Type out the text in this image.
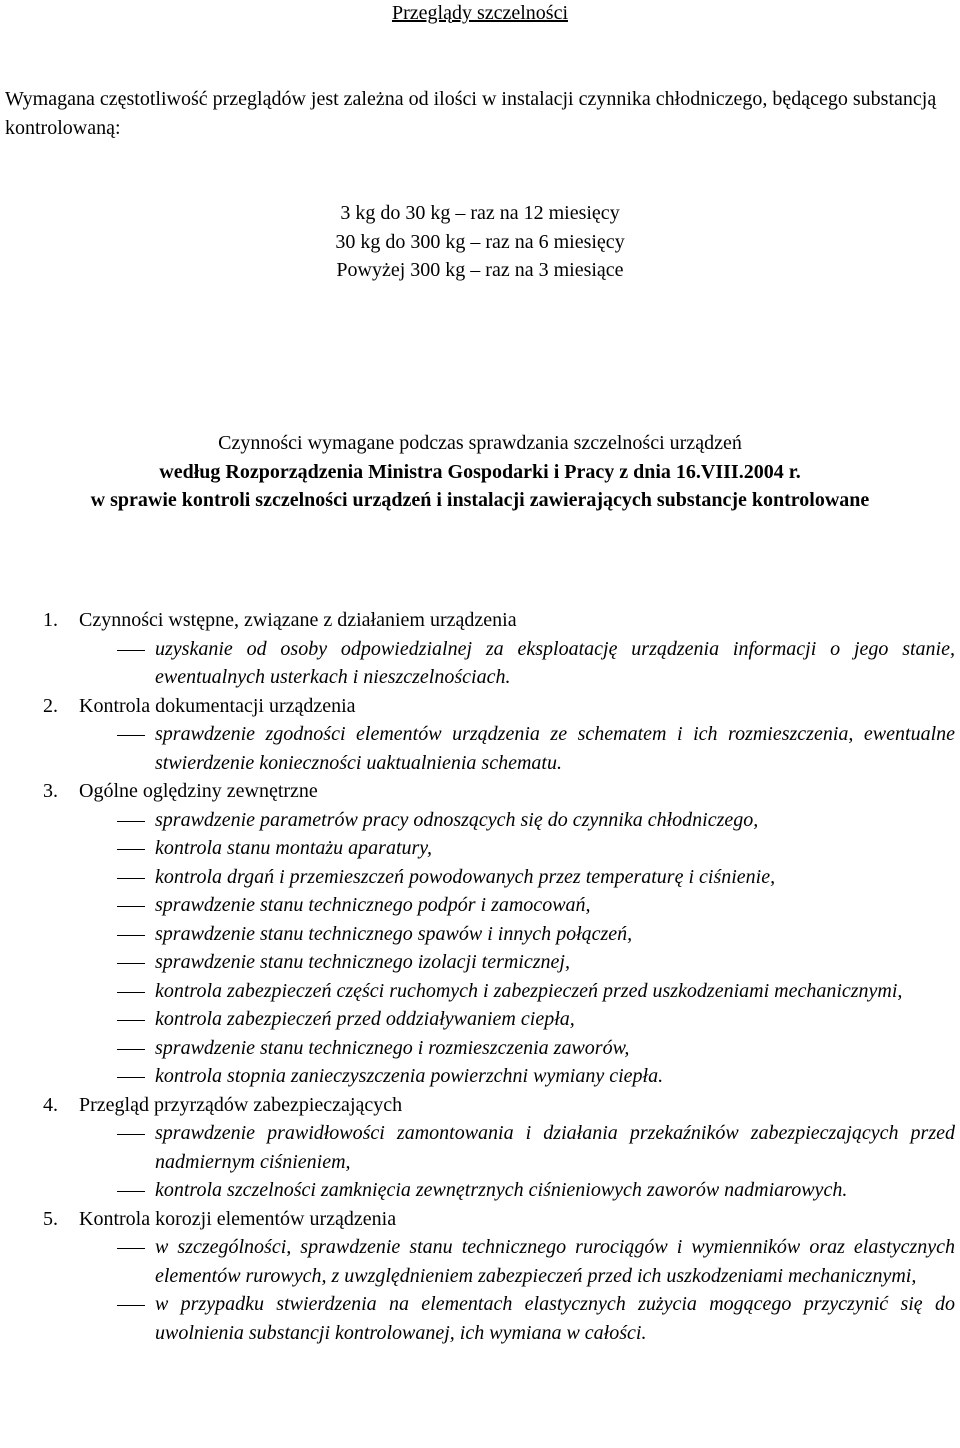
Przeglądy szczelności
Wymagana częstotliwość przeglądów jest zależna od ilości w instalacji czynnika chłodniczego, będącego substancją kontrolowaną:
3 kg do 30 kg – raz na 12 miesięcy
30 kg do 300 kg – raz na 6 miesięcy
Powyżej 300 kg – raz na 3 miesiące
Czynności wymagane podczas sprawdzania szczelności urządzeń
według Rozporządzenia Ministra Gospodarki i Pracy z dnia 16.VIII.2004 r.
w sprawie kontroli szczelności urządzeń i instalacji zawierających substancje kontrolowane
1. Czynności wstępne, związane z działaniem urządzenia
uzyskanie od osoby odpowiedzialnej za eksploatację urządzenia informacji o jego stanie, ewentualnych usterkach i nieszczelnościach.
2. Kontrola dokumentacji urządzenia
sprawdzenie zgodności elementów urządzenia ze schematem i ich rozmieszczenia, ewentualne stwierdzenie konieczności uaktualnienia schematu.
3. Ogólne oględziny zewnętrzne
sprawdzenie parametrów pracy odnoszących się do czynnika chłodniczego,
kontrola stanu montażu aparatury,
kontrola drgań i przemieszczeń powodowanych przez temperaturę i ciśnienie,
sprawdzenie stanu technicznego podpór i zamocowań,
sprawdzenie stanu technicznego spawów i innych połączeń,
sprawdzenie stanu technicznego izolacji termicznej,
kontrola zabezpieczeń części ruchomych i zabezpieczeń przed uszkodzeniami mechanicznymi,
kontrola zabezpieczeń przed oddziaływaniem ciepła,
sprawdzenie stanu technicznego i rozmieszczenia zaworów,
kontrola stopnia zanieczyszczenia powierzchni wymiany ciepła.
4. Przegląd przyrządów zabezpieczających
sprawdzenie prawidłowości zamontowania i działania przekaźników zabezpieczających przed nadmiernym ciśnieniem,
kontrola szczelności zamknięcia zewnętrznych ciśnieniowych zaworów nadmiarowych.
5. Kontrola korozji elementów urządzenia
w szczególności, sprawdzenie stanu technicznego rurociągów i wymienników oraz elastycznych elementów rurowych, z uwzględnieniem zabezpieczeń przed ich uszkodzeniami mechanicznymi,
w przypadku stwierdzenia na elementach elastycznych zużycia mogącego przyczynić się do uwolnienia substancji kontrolowanej, ich wymiana w całości.
